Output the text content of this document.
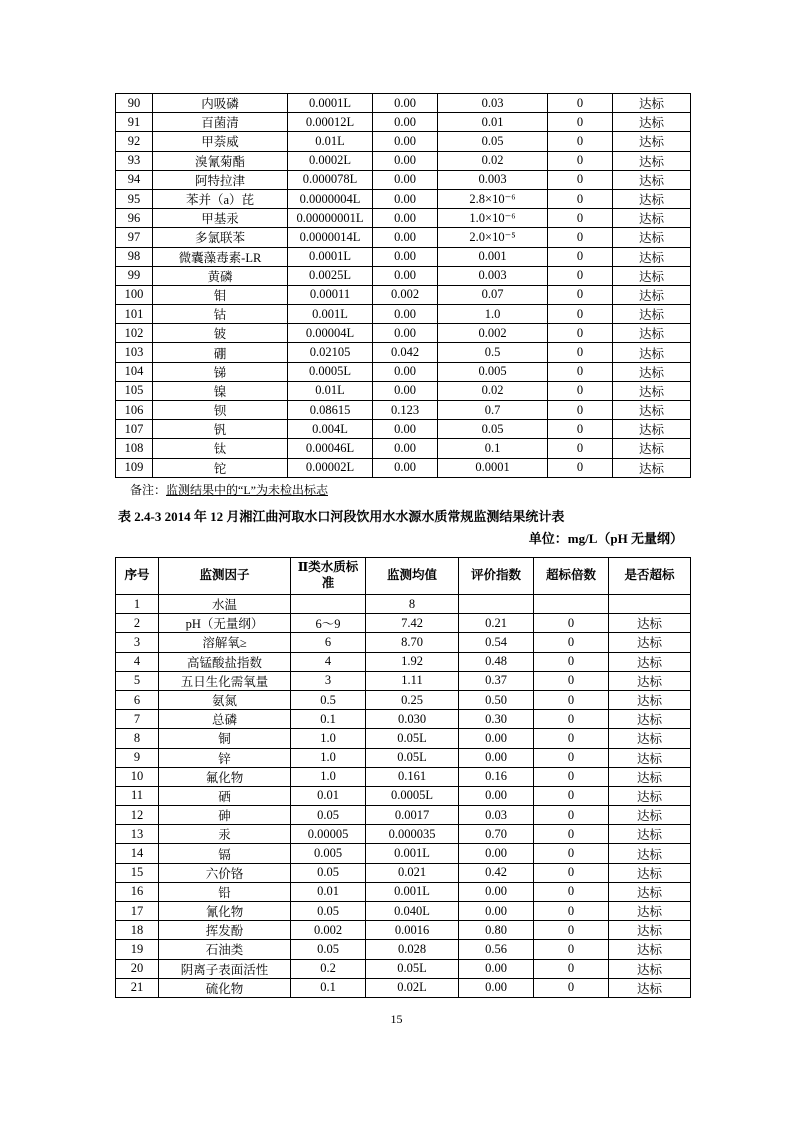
90	内吸磷	0.0001L	0.00	0.03	0	达标
91	百菌清	0.00012L	0.00	0.01	0	达标
92	甲萘威	0.01L	0.00	0.05	0	达标
93	溴氰菊酯	0.0002L	0.00	0.02	0	达标
94	阿特拉津	0.000078L	0.00	0.003	0	达标
95	苯并（a）芘	0.0000004L	0.00	2.8×10⁻⁶	0	达标
96	甲基汞	0.00000001L	0.00	1.0×10⁻⁶	0	达标
97	多氯联苯	0.0000014L	0.00	2.0×10⁻⁵	0	达标
98	微囊藻毒素-LR	0.0001L	0.00	0.001	0	达标
99	黄磷	0.0025L	0.00	0.003	0	达标
100	钼	0.00011	0.002	0.07	0	达标
101	钴	0.001L	0.00	1.0	0	达标
102	铍	0.00004L	0.00	0.002	0	达标
103	硼	0.02105	0.042	0.5	0	达标
104	锑	0.0005L	0.00	0.005	0	达标
105	镍	0.01L	0.00	0.02	0	达标
106	钡	0.08615	0.123	0.7	0	达标
107	钒	0.004L	0.00	0.05	0	达标
108	钛	0.00046L	0.00	0.1	0	达标
109	铊	0.00002L	0.00	0.0001	0	达标
备注：监测结果中的“L”为未检出标志
表 2.4-3 2014 年 12 月湘江曲河取水口河段饮用水水源水质常规监测结果统计表
单位：mg/L（pH 无量纲）
序号	监测因子	Ⅱ类水质标准	监测均值	评价指数	超标倍数	是否超标
1	水温		8			
2	pH（无量纲）	6～9	7.42	0.21	0	达标
3	溶解氧≥	6	8.70	0.54	0	达标
4	高锰酸盐指数	4	1.92	0.48	0	达标
5	五日生化需氧量	3	1.11	0.37	0	达标
6	氨氮	0.5	0.25	0.50	0	达标
7	总磷	0.1	0.030	0.30	0	达标
8	铜	1.0	0.05L	0.00	0	达标
9	锌	1.0	0.05L	0.00	0	达标
10	氟化物	1.0	0.161	0.16	0	达标
11	硒	0.01	0.0005L	0.00	0	达标
12	砷	0.05	0.0017	0.03	0	达标
13	汞	0.00005	0.000035	0.70	0	达标
14	镉	0.005	0.001L	0.00	0	达标
15	六价铬	0.05	0.021	0.42	0	达标
16	铅	0.01	0.001L	0.00	0	达标
17	氰化物	0.05	0.040L	0.00	0	达标
18	挥发酚	0.002	0.0016	0.80	0	达标
19	石油类	0.05	0.028	0.56	0	达标
20	阴离子表面活性	0.2	0.05L	0.00	0	达标
21	硫化物	0.1	0.02L	0.00	0	达标
15
